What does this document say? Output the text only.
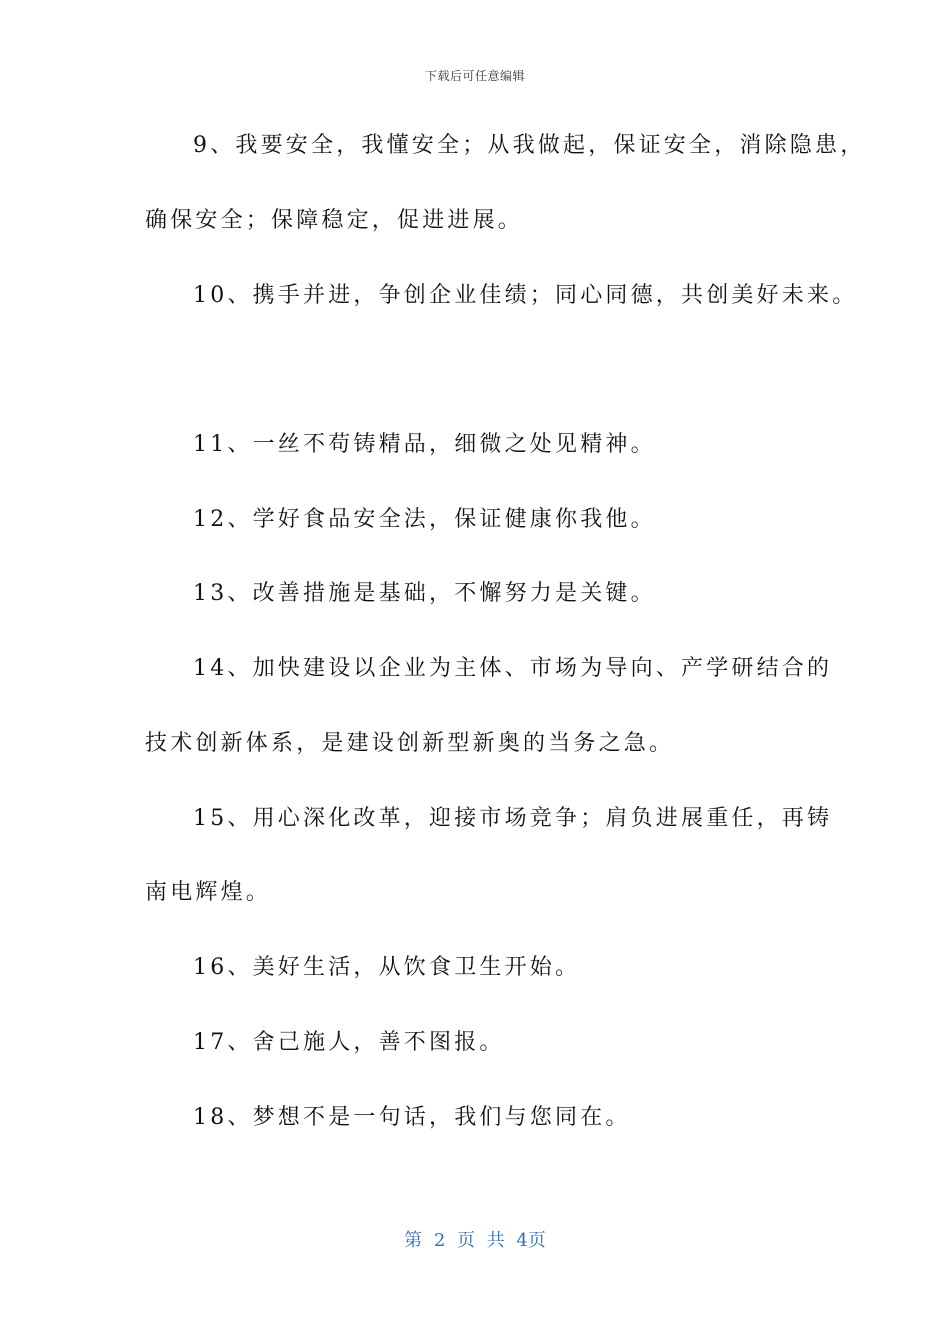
下载后可任意编辑
9、我要安全，我懂安全；从我做起，保证安全，消除隐患，
确保安全；保障稳定，促进进展。
10、携手并进，争创企业佳绩；同心同德，共创美好未来。
11、一丝不苟铸精品，细微之处见精神。
12、学好食品安全法，保证健康你我他。
13、改善措施是基础，不懈努力是关键。
14、加快建设以企业为主体、市场为导向、产学研结合的
技术创新体系，是建设创新型新奥的当务之急。
15、用心深化改革，迎接市场竞争；肩负进展重任，再铸
南电辉煌。
16、美好生活，从饮食卫生开始。
17、舍己施人，善不图报。
18、梦想不是一句话，我们与您同在。
第 2 页 共 4页
